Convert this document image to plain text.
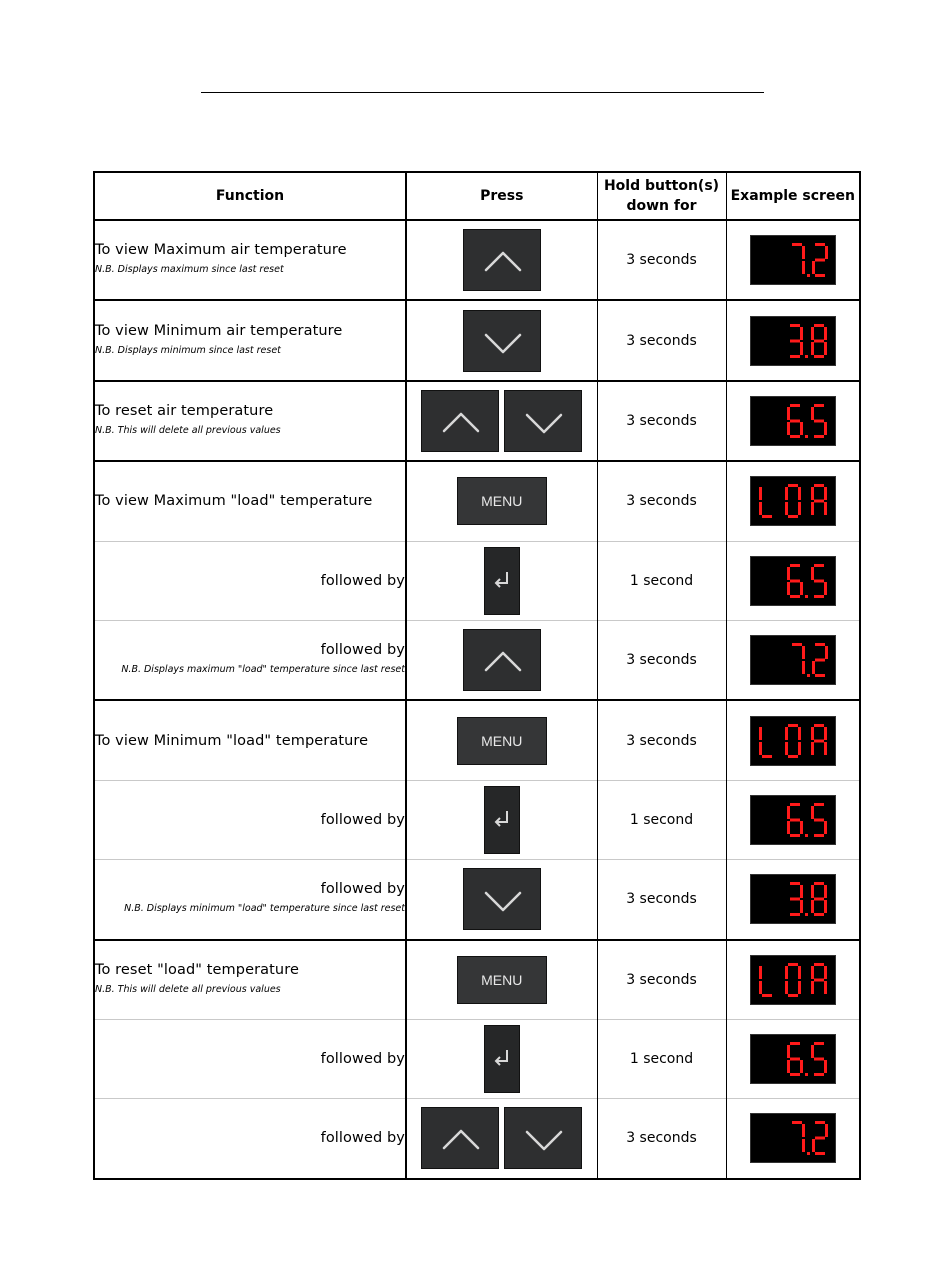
Function	Press	Hold button(s) down for	Example screen

To view Maximum air temperature
N.B. Displays maximum since last reset		3 seconds	

To view Minimum air temperature
N.B. Displays minimum since last reset		3 seconds	

To reset air temperature
N.B. This will delete all previous values		3 seconds	

To view Maximum "load" temperature	MENU	3 seconds	

followed by		1 second	

followed by
N.B. Displays maximum "load" temperature since last reset		3 seconds	

To view Minimum "load" temperature	MENU	3 seconds	

followed by		1 second	

followed by
N.B. Displays minimum "load" temperature since last reset		3 seconds	

To reset "load" temperature
N.B. This will delete all previous values	MENU	3 seconds	

followed by		1 second	

followed by		3 seconds	
